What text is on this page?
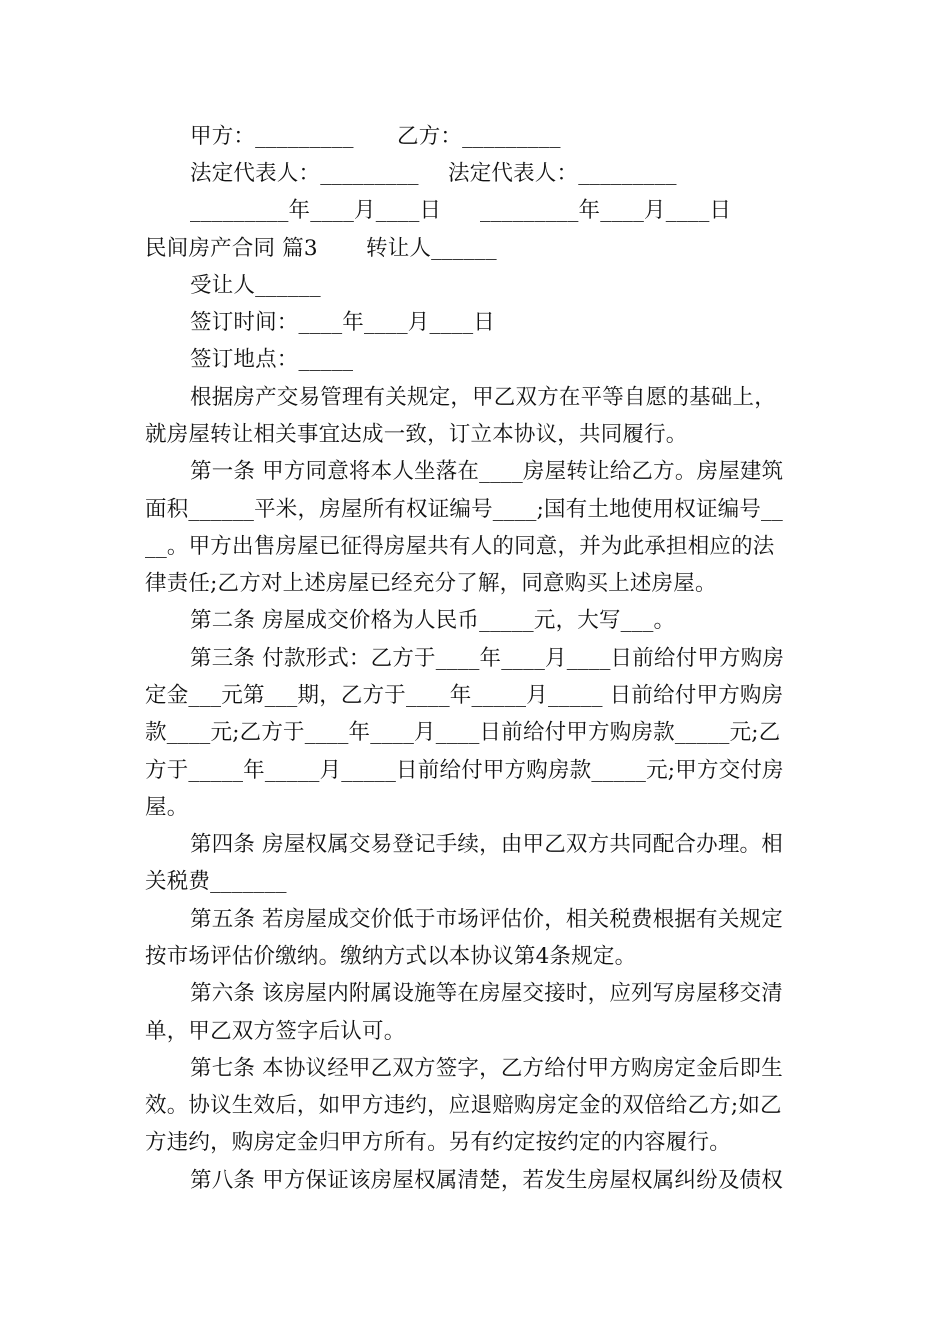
甲方：_________ 乙方：_________
法定代表人：_________ 法定代表人：_________
_________年____月____日 _________年____月____日
民间房产合同 篇3 转让人______
受让人______
签订时间：____年____月____日
签订地点：_____
根据房产交易管理有关规定，甲乙双方在平等自愿的基础上，
就房屋转让相关事宜达成一致，订立本协议，共同履行。
第一条 甲方同意将本人坐落在____房屋转让给乙方。房屋建筑
面积______平米，房屋所有权证编号____;国有土地使用权证编号__
__。甲方出售房屋已征得房屋共有人的同意，并为此承担相应的法
律责任;乙方对上述房屋已经充分了解，同意购买上述房屋。
第二条 房屋成交价格为人民币_____元，大写___。
第三条 付款形式：乙方于____年____月____日前给付甲方购房
定金___元第___期，乙方于____年_____月_____ 日前给付甲方购房
款____元;乙方于____年____月____日前给付甲方购房款_____元;乙
方于_____年_____月_____日前给付甲方购房款_____元;甲方交付房
屋。
第四条 房屋权属交易登记手续，由甲乙双方共同配合办理。相
关税费_______
第五条 若房屋成交价低于市场评估价，相关税费根据有关规定
按市场评估价缴纳。缴纳方式以本协议第4条规定。
第六条 该房屋内附属设施等在房屋交接时，应列写房屋移交清
单，甲乙双方签字后认可。
第七条 本协议经甲乙双方签字，乙方给付甲方购房定金后即生
效。协议生效后，如甲方违约，应退赔购房定金的双倍给乙方;如乙
方违约，购房定金归甲方所有。另有约定按约定的内容履行。
第八条 甲方保证该房屋权属清楚，若发生房屋权属纠纷及债权
